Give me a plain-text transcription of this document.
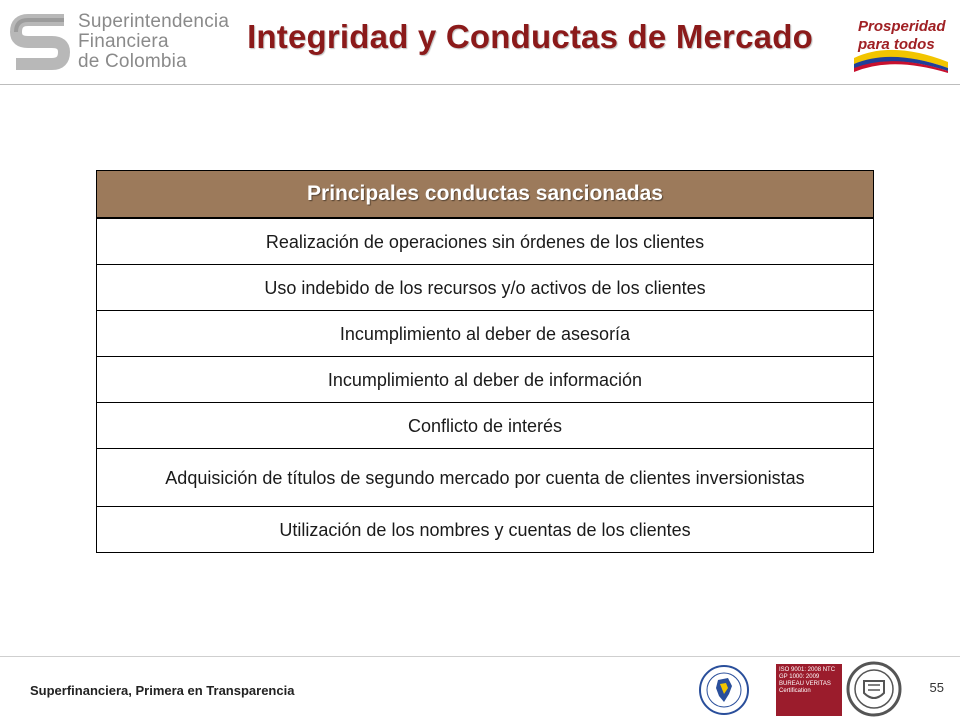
Superintendencia
Financiera
de Colombia
Integridad y Conductas de Mercado	Prosperidad
para todos
Principales conductas sancionadas
Realización de operaciones sin órdenes de los clientes
Uso indebido de los recursos y/o activos de los clientes
Incumplimiento al deber de asesoría
Incumplimiento al deber de información
Conflicto de interés
Adquisición de títulos de segundo mercado por cuenta de clientes inversionistas
Utilización de los nombres y cuentas de los clientes
Superfinanciera, Primera en Transparencia
ISO 9001: 2008 NTC GP 1000: 2009 BUREAU VERITAS Certification	55
